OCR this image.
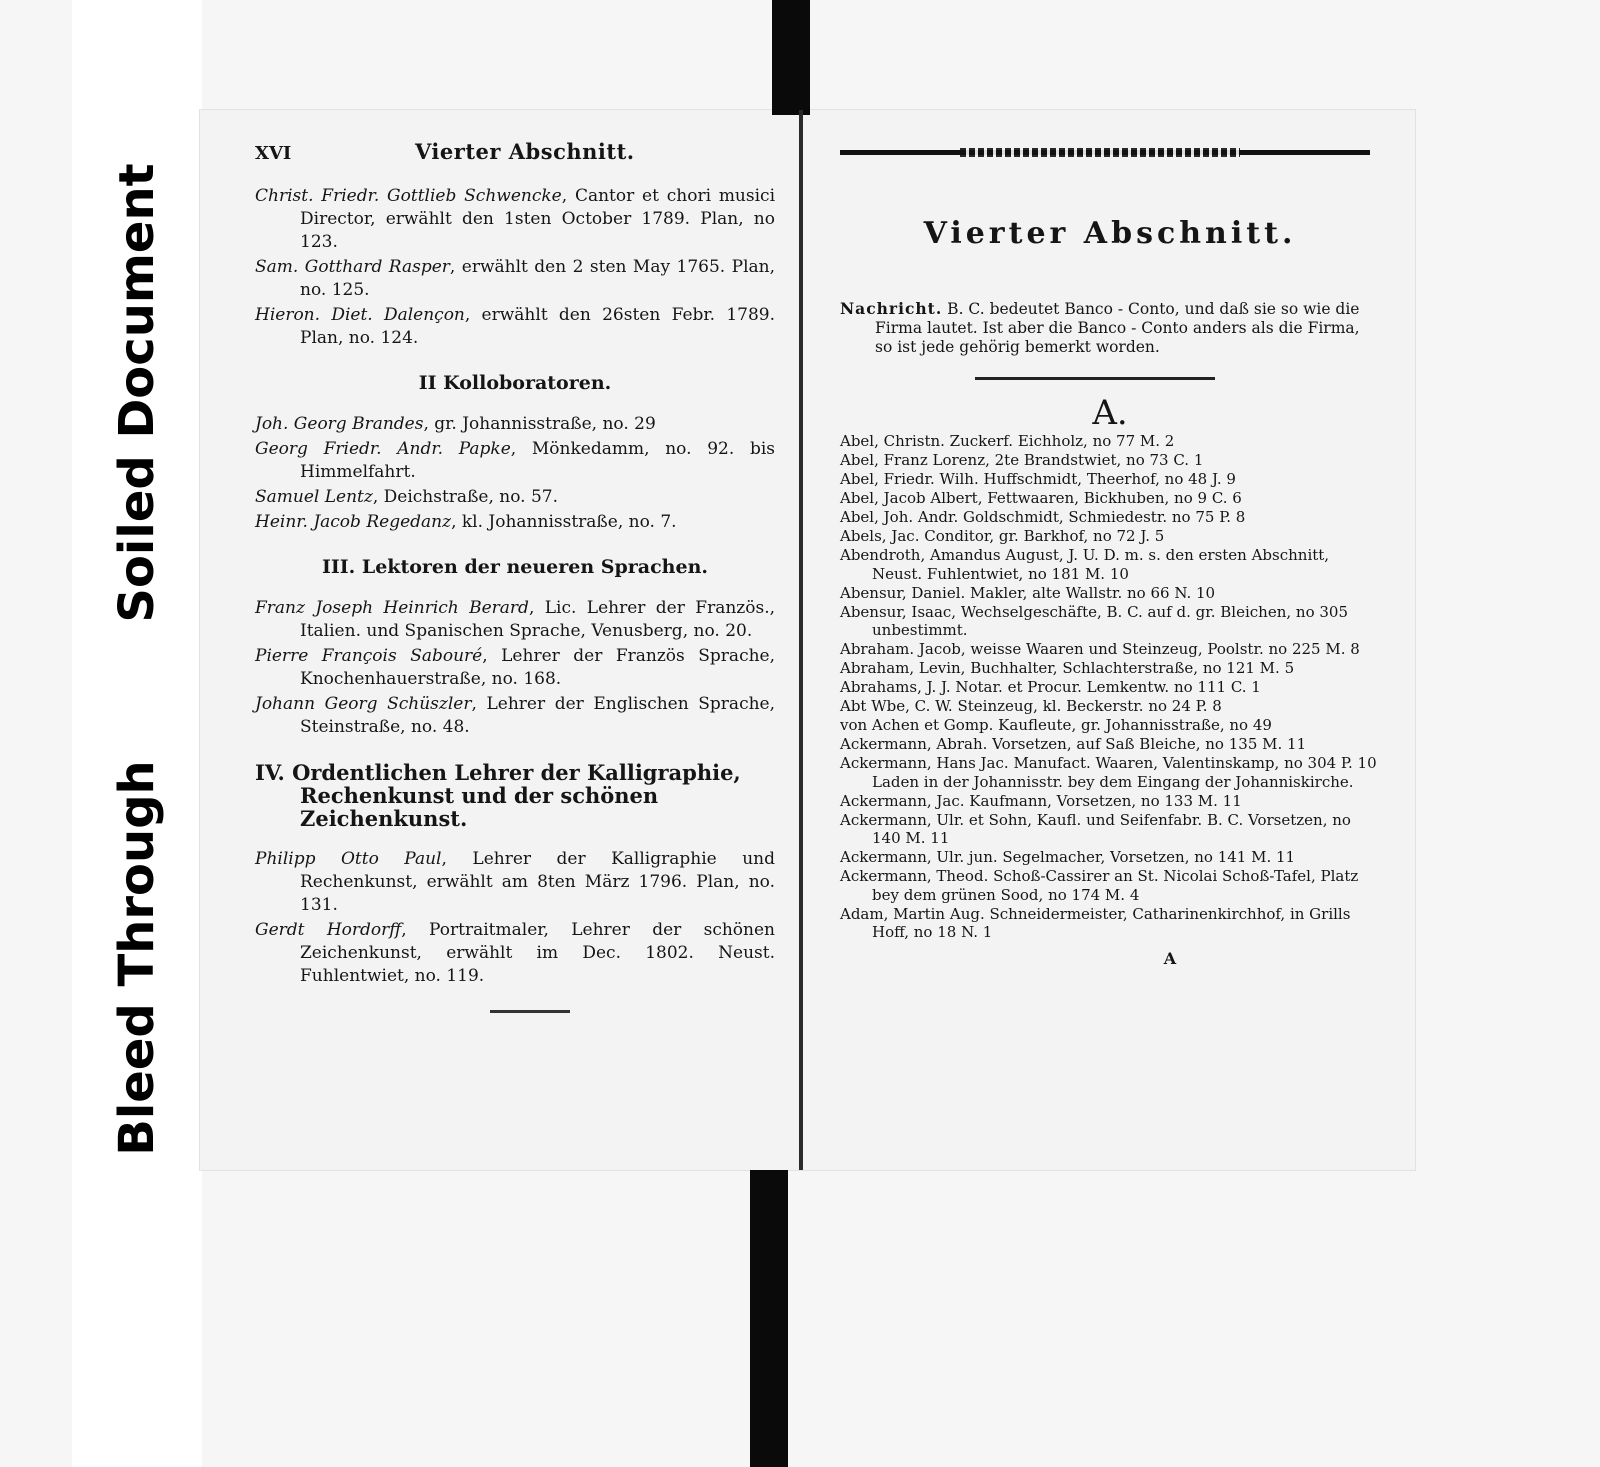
Bleed Through
Soiled Document
XVI	Vierter Abschnitt.

Christ. Friedr. Gottlieb Schwencke, Cantor et chori musici Director, erwählt den 1sten October 1789. Plan, no 123.

Sam. Gotthard Rasper, erwählt den 2 sten May 1765. Plan, no. 125.

Hieron. Diet. Dalençon, erwählt den 26sten Febr. 1789. Plan, no. 124.

II Kolloboratoren.

Joh. Georg Brandes, gr. Johannisstraße, no. 29

Georg Friedr. Andr. Papke, Mönkedamm, no. 92. bis Himmelfahrt.

Samuel Lentz, Deichstraße, no. 57.

Heinr. Jacob Regedanz, kl. Johannisstraße, no. 7.

III. Lektoren der neueren Sprachen.

Franz Joseph Heinrich Berard, Lic. Lehrer der Französ., Italien. und Spanischen Sprache, Venusberg, no. 20.

Pierre François Sabouré, Lehrer der Französ Sprache, Knochenhauerstraße, no. 168.

Johann Georg Schüszler, Lehrer der Englischen Sprache, Steinstraße, no. 48.

IV. Ordentlichen Lehrer der Kalligraphie, Rechenkunst und der schönen Zeichenkunst.

Philipp Otto Paul, Lehrer der Kalligraphie und Rechenkunst, erwählt am 8ten März 1796. Plan, no. 131.

Gerdt Hordorff, Portraitmaler, Lehrer der schönen Zeichenkunst, erwählt im Dec. 1802. Neust. Fuhlentwiet, no. 119.

Vierter Abschnitt.

Nachricht. B. C. bedeutet Banco - Conto, und daß sie so wie die Firma lautet. Ist aber die Banco - Conto anders als die Firma, so ist jede gehörig bemerkt worden.

A.

Abel, Christn. Zuckerf. Eichholz, no 77 M. 2

Abel, Franz Lorenz, 2te Brandstwiet, no 73 C. 1

Abel, Friedr. Wilh. Huffschmidt, Theerhof, no 48 J. 9

Abel, Jacob Albert, Fettwaaren, Bickhuben, no 9 C. 6

Abel, Joh. Andr. Goldschmidt, Schmiedestr. no 75 P. 8

Abels, Jac. Conditor, gr. Barkhof, no 72 J. 5

Abendroth, Amandus August, J. U. D. m. s. den ersten Abschnitt, Neust. Fuhlentwiet, no 181 M. 10

Abensur, Daniel. Makler, alte Wallstr. no 66 N. 10

Abensur, Isaac, Wechselgeschäfte, B. C. auf d. gr. Bleichen, no 305 unbestimmt.

Abraham. Jacob, weisse Waaren und Steinzeug, Poolstr. no 225 M. 8

Abraham, Levin, Buchhalter, Schlachterstraße, no 121 M. 5

Abrahams, J. J. Notar. et Procur. Lemkentw. no 111 C. 1

Abt Wbe, C. W. Steinzeug, kl. Beckerstr. no 24 P. 8

von Achen et Gomp. Kaufleute, gr. Johannisstraße, no 49

Ackermann, Abrah. Vorsetzen, auf Saß Bleiche, no 135 M. 11

Ackermann, Hans Jac. Manufact. Waaren, Valentinskamp, no 304 P. 10 Laden in der Johannisstr. bey dem Eingang der Johanniskirche.

Ackermann, Jac. Kaufmann, Vorsetzen, no 133 M. 11

Ackermann, Ulr. et Sohn, Kaufl. und Seifenfabr. B. C. Vorsetzen, no 140 M. 11

Ackermann, Ulr. jun. Segelmacher, Vorsetzen, no 141 M. 11

Ackermann, Theod. Schoß-Cassirer an St. Nicolai Schoß-Tafel, Platz bey dem grünen Sood, no 174 M. 4

Adam, Martin Aug. Schneidermeister, Catharinenkirchhof, in Grills Hoff, no 18 N. 1

A
